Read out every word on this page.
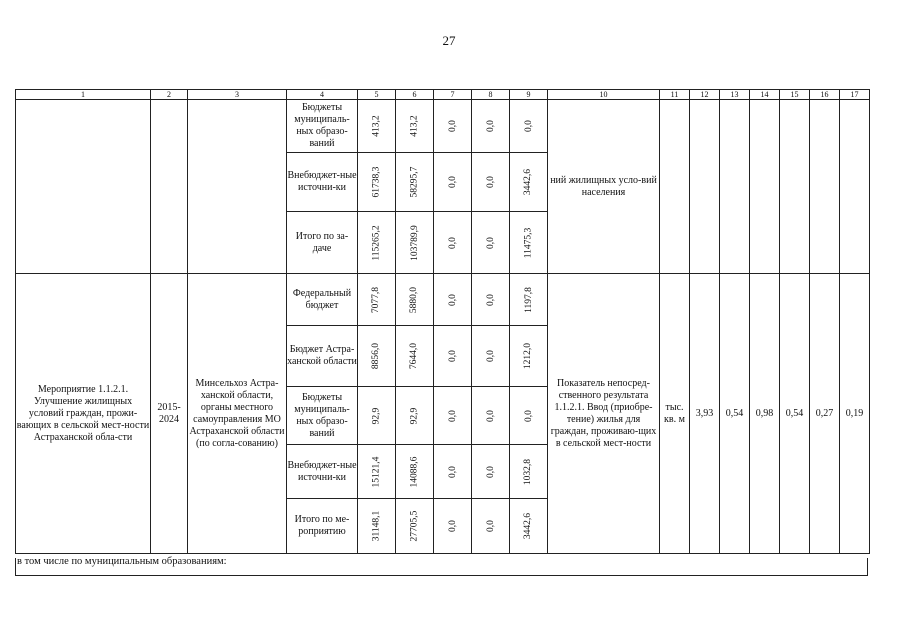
27
1	2	3	4	5	6	7	8	9	10	11	12	13	14	15	16	17
			Бюджеты муниципаль-ных образо-ваний	413,2	413,2	0,0	0,0	0,0	ний жилищных усло-вий населения							
			Внебюджет-ные источни-ки	61738,3	58295,7	0,0	0,0	3442,6								
			Итого по за-даче	115265,2	103789,9	0,0	0,0	11475,3								
Мероприятие 1.1.2.1. Улучшение жилищных условий граждан, прожи-вающих в сельской мест-ности Астраханской обла-сти	2015-2024	Минсельхоз Астра-ханской области, органы местного самоуправления МО Астраханской области (по согла-сованию)	Федеральный бюджет	7077,8	5880,0	0,0	0,0	1197,8	Показатель непосред-ственного результата 1.1.2.1. Ввод (приобре-тение) жилья для граждан, проживаю-щих в сельской мест-ности	тыс. кв. м	3,93	0,54	0,98	0,54	0,27	0,19
			Бюджет Астра-ханской области	8856,0	7644,0	0,0	0,0	1212,0								
			Бюджеты муниципаль-ных образо-ваний	92,9	92,9	0,0	0,0	0,0								
			Внебюджет-ные источни-ки	15121,4	14088,6	0,0	0,0	1032,8								
			Итого по ме-роприятию	31148,1	27705,5	0,0	0,0	3442,6								
в том числе по муниципальным образованиям:
